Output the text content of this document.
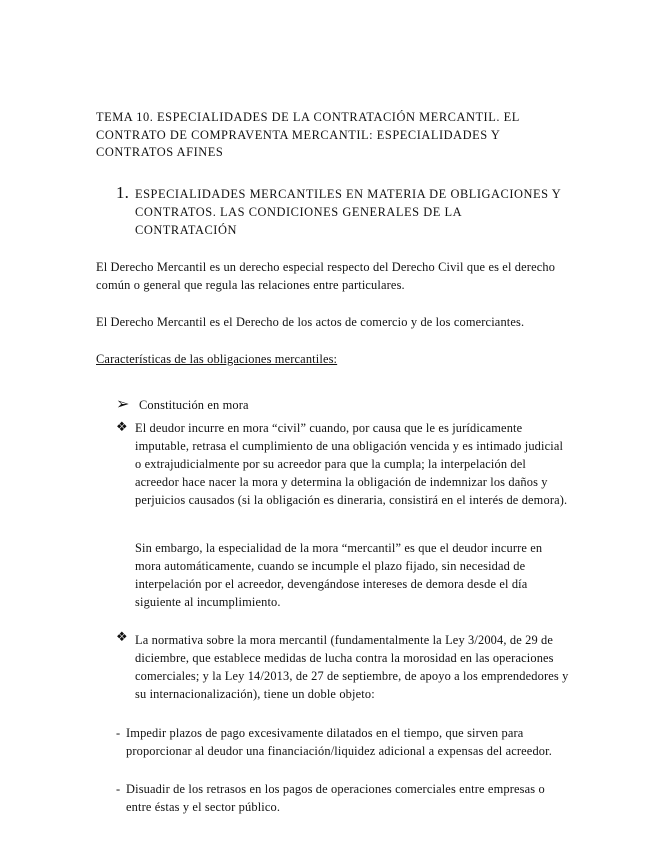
TEMA 10. ESPECIALIDADES DE LA CONTRATACIÓN MERCANTIL. EL CONTRATO DE COMPRAVENTA MERCANTIL: ESPECIALIDADES Y CONTRATOS AFINES

1. ESPECIALIDADES MERCANTILES EN MATERIA DE OBLIGACIONES Y CONTRATOS. LAS CONDICIONES GENERALES DE LA CONTRATACIÓN

El Derecho Mercantil es un derecho especial respecto del Derecho Civil que es el derecho común o general que regula las relaciones entre particulares.

El Derecho Mercantil es el Derecho de los actos de comercio y de los comerciantes.

Características de las obligaciones mercantiles:

➢ Constitución en mora

❖ El deudor incurre en mora “civil” cuando, por causa que le es jurídicamente imputable, retrasa el cumplimiento de una obligación vencida y es intimado judicial o extrajudicialmente por su acreedor para que la cumpla; la interpelación del acreedor hace nacer la mora y determina la obligación de indemnizar los daños y perjuicios causados (si la obligación es dineraria, consistirá en el interés de demora).

Sin embargo, la especialidad de la mora “mercantil” es que el deudor incurre en mora automáticamente, cuando se incumple el plazo fijado, sin necesidad de interpelación por el acreedor, devengándose intereses de demora desde el día siguiente al incumplimiento.

❖ La normativa sobre la mora mercantil (fundamentalmente la Ley 3/2004, de 29 de diciembre, que establece medidas de lucha contra la morosidad en las operaciones comerciales; y la Ley 14/2013, de 27 de septiembre, de apoyo a los emprendedores y su internacionalización), tiene un doble objeto:

- Impedir plazos de pago excesivamente dilatados en el tiempo, que sirven para proporcionar al deudor una financiación/liquidez adicional a expensas del acreedor.

- Disuadir de los retrasos en los pagos de operaciones comerciales entre empresas o entre éstas y el sector público.
